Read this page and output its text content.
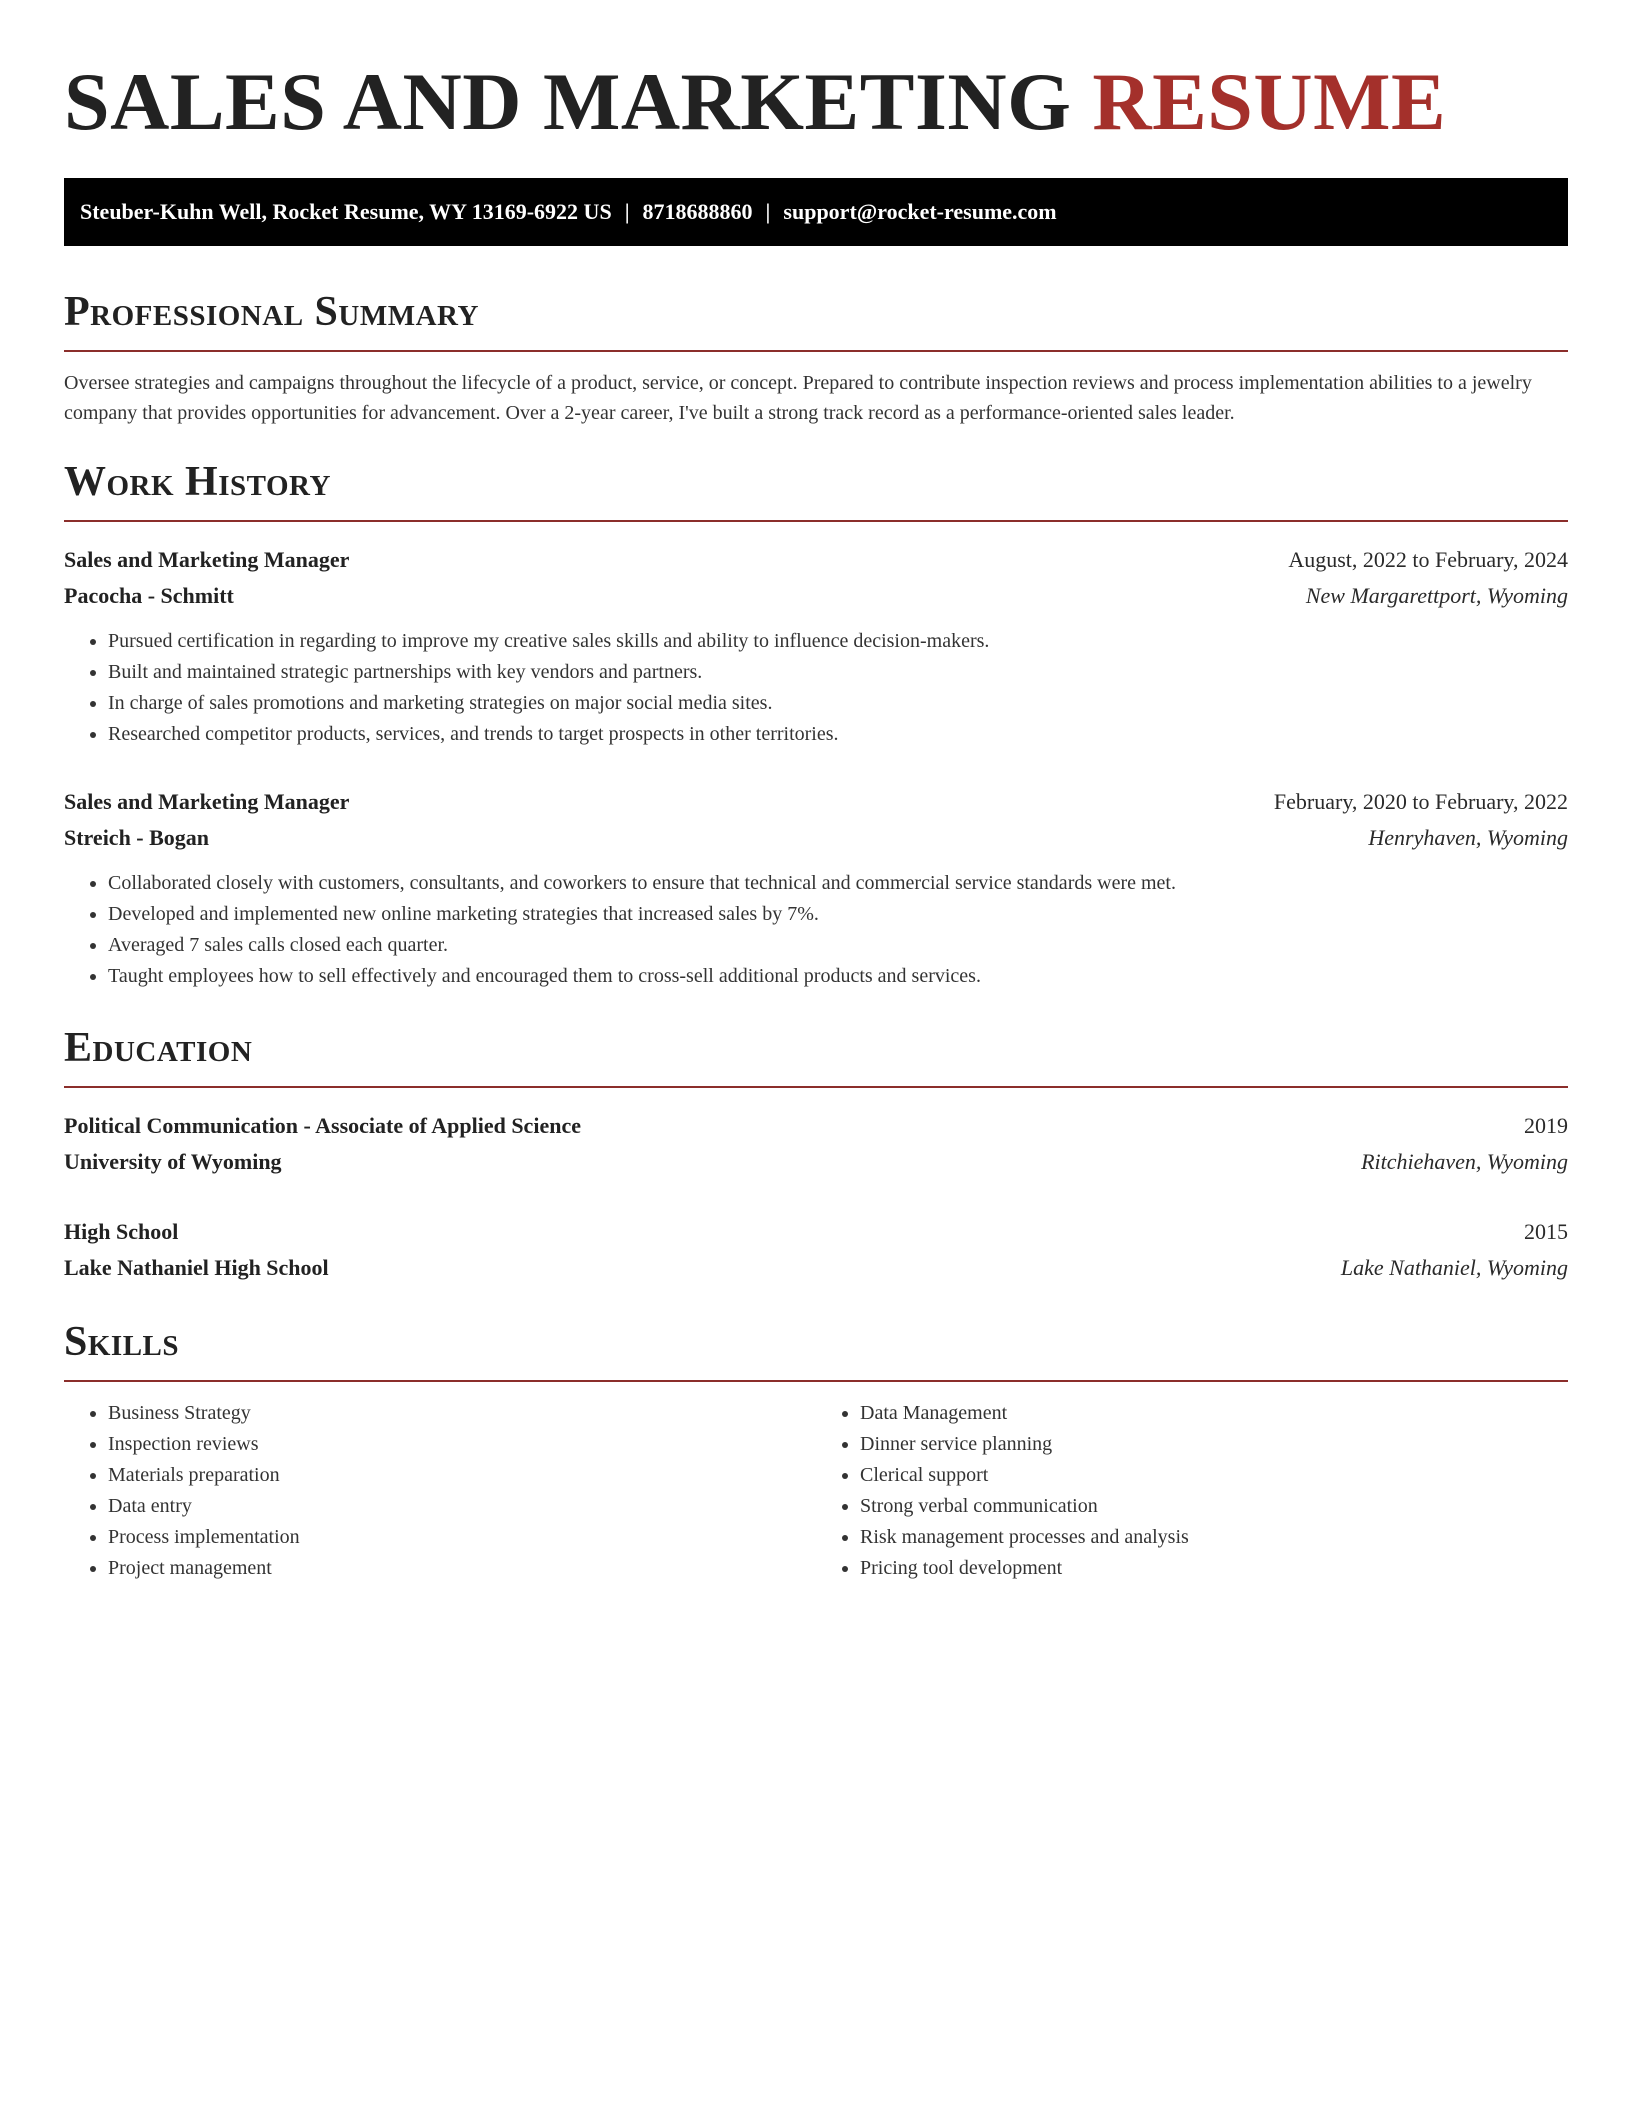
SALES AND MARKETING RESUME
Steuber-Kuhn Well, Rocket Resume, WY 13169-6922 US | 8718688860 | support@rocket-resume.com
Professional Summary

Oversee strategies and campaigns throughout the lifecycle of a product, service, or concept. Prepared to contribute inspection reviews and process implementation abilities to a jewelry company that provides opportunities for advancement. Over a 2-year career, I've built a strong track record as a performance-oriented sales leader.

Work History
Sales and Marketing Manager	August, 2022 to February, 2024
Pacocha - Schmitt	New Margarettport, Wyoming
• Pursued certification in regarding to improve my creative sales skills and ability to influence decision-makers.
• Built and maintained strategic partnerships with key vendors and partners.
• In charge of sales promotions and marketing strategies on major social media sites.
• Researched competitor products, services, and trends to target prospects in other territories.
Sales and Marketing Manager	February, 2020 to February, 2022
Streich - Bogan	Henryhaven, Wyoming
• Collaborated closely with customers, consultants, and coworkers to ensure that technical and commercial service standards were met.
• Developed and implemented new online marketing strategies that increased sales by 7%.
• Averaged 7 sales calls closed each quarter.
• Taught employees how to sell effectively and encouraged them to cross-sell additional products and services.
Education
Political Communication - Associate of Applied Science	2019
University of Wyoming	Ritchiehaven, Wyoming
High School	2015
Lake Nathaniel High School	Lake Nathaniel, Wyoming
Skills
• Business Strategy
• Inspection reviews
• Materials preparation
• Data entry
• Process implementation
• Project management
• Data Management
• Dinner service planning
• Clerical support
• Strong verbal communication
• Risk management processes and analysis
• Pricing tool development
